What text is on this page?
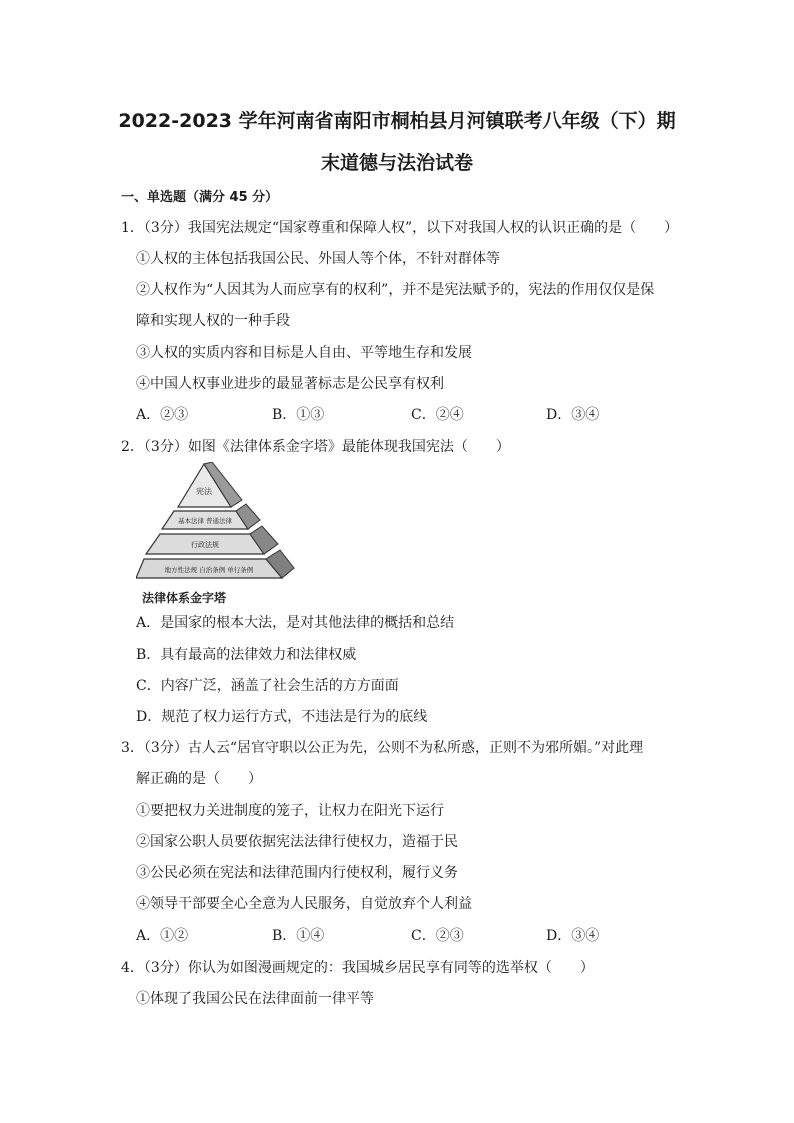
2022-2023 学年河南省南阳市桐柏县月河镇联考八年级（下）期
末道德与法治试卷
一、单选题（满分 45 分）
1．（3分）我国宪法规定“国家尊重和保障人权”，以下对我国人权的认识正确的是（　　）
①人权的主体包括我国公民、外国人等个体，不针对群体等
②人权作为“人因其为人而应享有的权利”，并不是宪法赋予的，宪法的作用仅仅是保
障和实现人权的一种手段
③人权的实质内容和目标是人自由、平等地生存和发展
④中国人权事业进步的最显著标志是公民享有权利
A．②③	B．①③	C．②④	D．③④
2．（3分）如图《法律体系金字塔》最能体现我国宪法（　　）
宪法
基本法律 普通法律
行政法规
地方性法规 自治条例 单行条例
法律体系金字塔
A．是国家的根本大法，是对其他法律的概括和总结
B．具有最高的法律效力和法律权威
C．内容广泛，涵盖了社会生活的方方面面
D．规范了权力运行方式，不违法是行为的底线
3．（3分）古人云“居官守职以公正为先，公则不为私所惑，正则不为邪所媚。”对此理
解正确的是（　　）
①要把权力关进制度的笼子，让权力在阳光下运行
②国家公职人员要依据宪法法律行使权力，造福于民
③公民必须在宪法和法律范围内行使权利，履行义务
④领导干部要全心全意为人民服务，自觉放弃个人利益
A．①②	B．①④	C．②③	D．③④
4．（3分）你认为如图漫画规定的：我国城乡居民享有同等的选举权（　　）
①体现了我国公民在法律面前一律平等
